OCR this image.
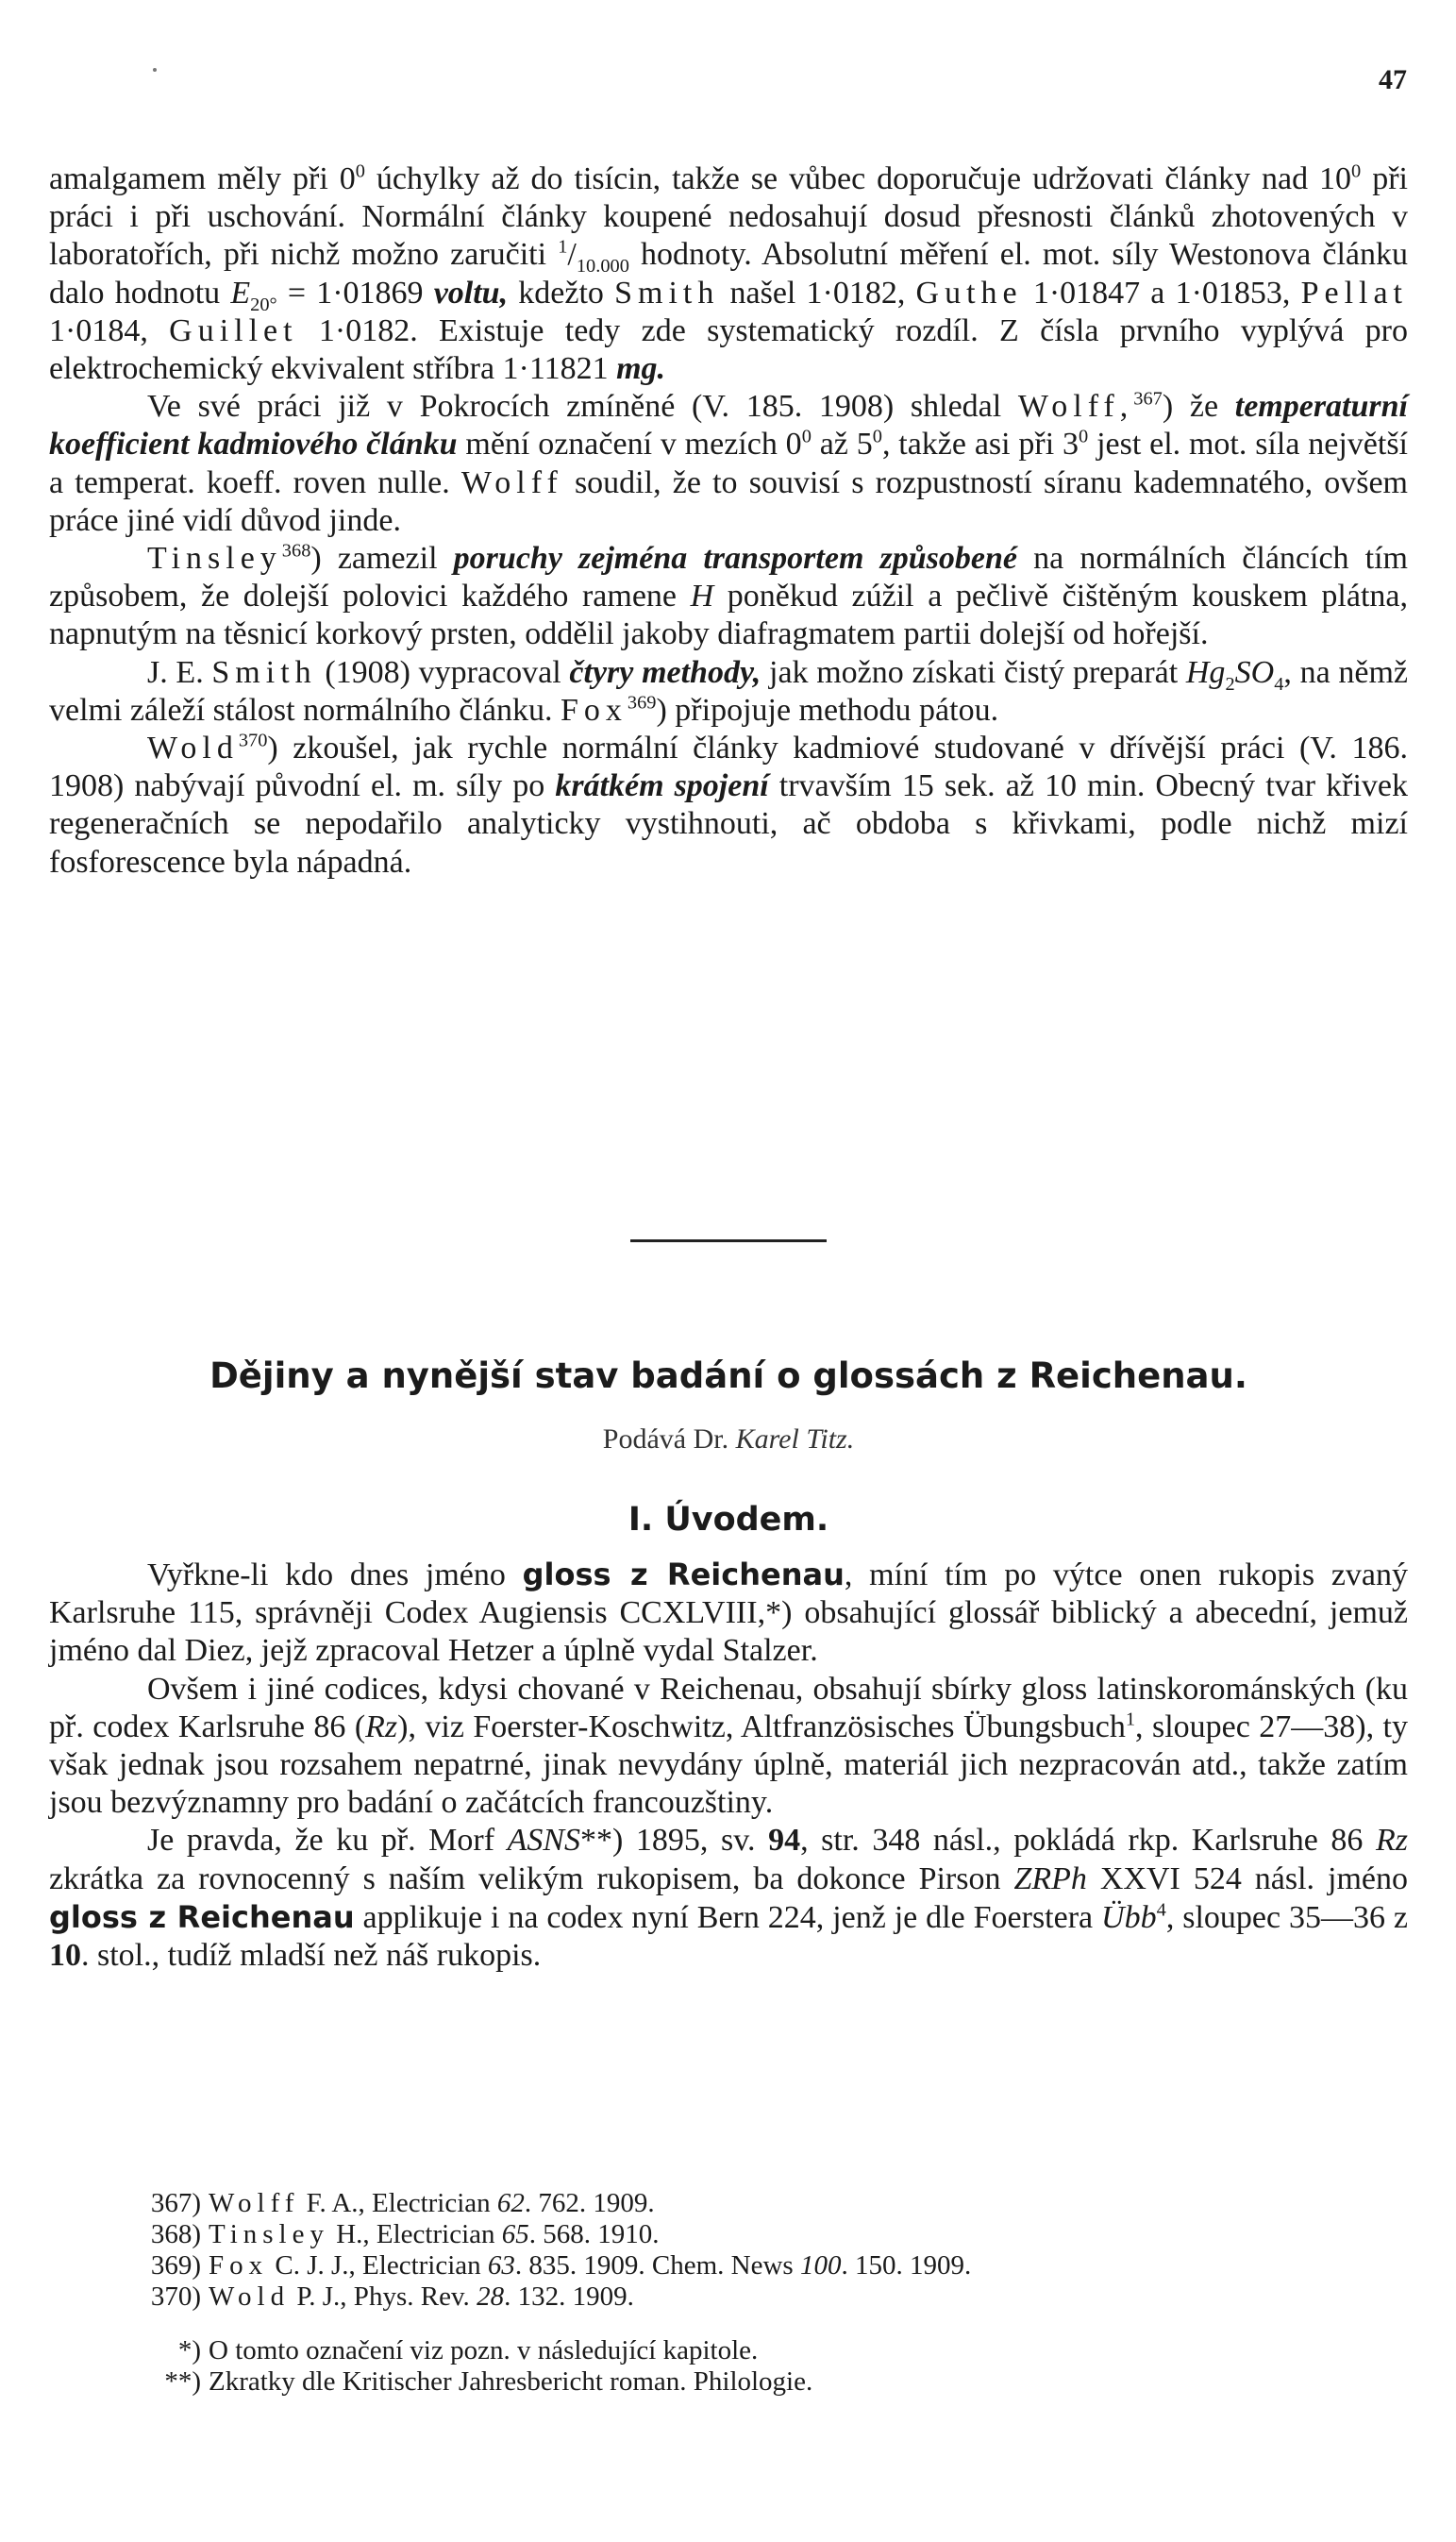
47

amalgamem měly při $0^0$ úchylky až do tisícin, takže se vůbec doporučuje udržovati články nad $10^0$ při práci i při uschování. Normální články koupené nedosahují dosud přesnosti článků zhotovených v laboratořích, při nichž možno zaručiti $^1/_{10.000}$ hodnoty. Absolutní měření el. mot. síly Westonova článku dalo hodnotu $E_{20^\circ} = 1\cdot 01869$ voltu, kdežto Smith našel 1·0182, Guthe 1·01847 a 1·01853, Pellat 1·0184, Guillet 1·0182. Existuje tedy zde systematický rozdíl. Z čísla prvního vyplývá pro elektrochemický ekvivalent stříbra 1·11821 mg.

Ve své práci již v Pokrocích zmíněné (V. 185. 1908) shledal Wolff,$^{367}$) že temperaturní koefficient kadmiového článku mění označení v mezích $0^0$ až $5^0$, takže asi při $3^0$ jest el. mot. síla největší a temperat. koeff. roven nulle. Wolff soudil, že to souvisí s rozpustností síranu kademnatého, ovšem práce jiné vidí důvod jinde.

Tinsley$^{368}$) zamezil poruchy zejména transportem způsobené na normálních článcích tím způsobem, že dolejší polovici každého ramene H poněkud zúžil a pečlivě čištěným kouskem plátna, napnutým na těsnicí korkový prsten, oddělil jakoby diafragmatem partii dolejší od hořejší.

J. E. Smith (1908) vypracoval čtyry methody, jak možno získati čistý preparát $Hg_2SO_4$, na němž velmi záleží stálost normálního článku. Fox$^{369}$) připojuje methodu pátou.

Wold$^{370}$) zkoušel, jak rychle normální články kadmiové studované v dřívější práci (V. 186. 1908) nabývají původní el. m. síly po krátkém spojení trvavším 15 sek. až 10 min. Obecný tvar křivek regeneračních se nepodařilo analyticky vystihnouti, ač obdoba s křivkami, podle nichž mizí fosforescence byla nápadná.

Dějiny a nynější stav badání o glossách z Reichenau.
Podává Dr. Karel Titz.
I. Úvodem.

Vyřkne-li kdo dnes jméno gloss z Reichenau, míní tím po výtce onen rukopis zvaný Karlsruhe 115, správněji Codex Augiensis CCXLVIII,*) obsahující glossář biblický a abecední, jemuž jméno dal Diez, jejž zpracoval Hetzer a úplně vydal Stalzer.

Ovšem i jiné codices, kdysi chované v Reichenau, obsahují sbírky gloss latinskorománských (ku př. codex Karlsruhe 86 (Rz), viz Foerster-Koschwitz, Altfranzösisches Übungsbuch$^1$, sloupec 27—38), ty však jednak jsou rozsahem nepatrné, jinak nevydány úplně, materiál jich nezpracován atd., takže zatím jsou bezvýznamny pro badání o začátcích francouzštiny.

Je pravda, že ku př. Morf ASNS**) 1895, sv. 94, str. 348 násl., pokládá rkp. Karlsruhe 86 Rz zkrátka za rovnocenný s naším velikým rukopisem, ba dokonce Pirson ZRPh XXVI 524 násl. jméno gloss z Reichenau applikuje i na codex nyní Bern 224, jenž je dle Foerstera Übb$^4$, sloupec 35—36 z 10. stol., tudíž mladší než náš rukopis.

367) Wolff F. A., Electrician 62. 762. 1909.

368) Tinsley H., Electrician 65. 568. 1910.

369) Fox C. J. J., Electrician 63. 835. 1909. Chem. News 100. 150. 1909.

370) Wold P. J., Phys. Rev. 28. 132. 1909.

*) O tomto označení viz pozn. v následující kapitole.

**) Zkratky dle Kritischer Jahresbericht roman. Philologie.
